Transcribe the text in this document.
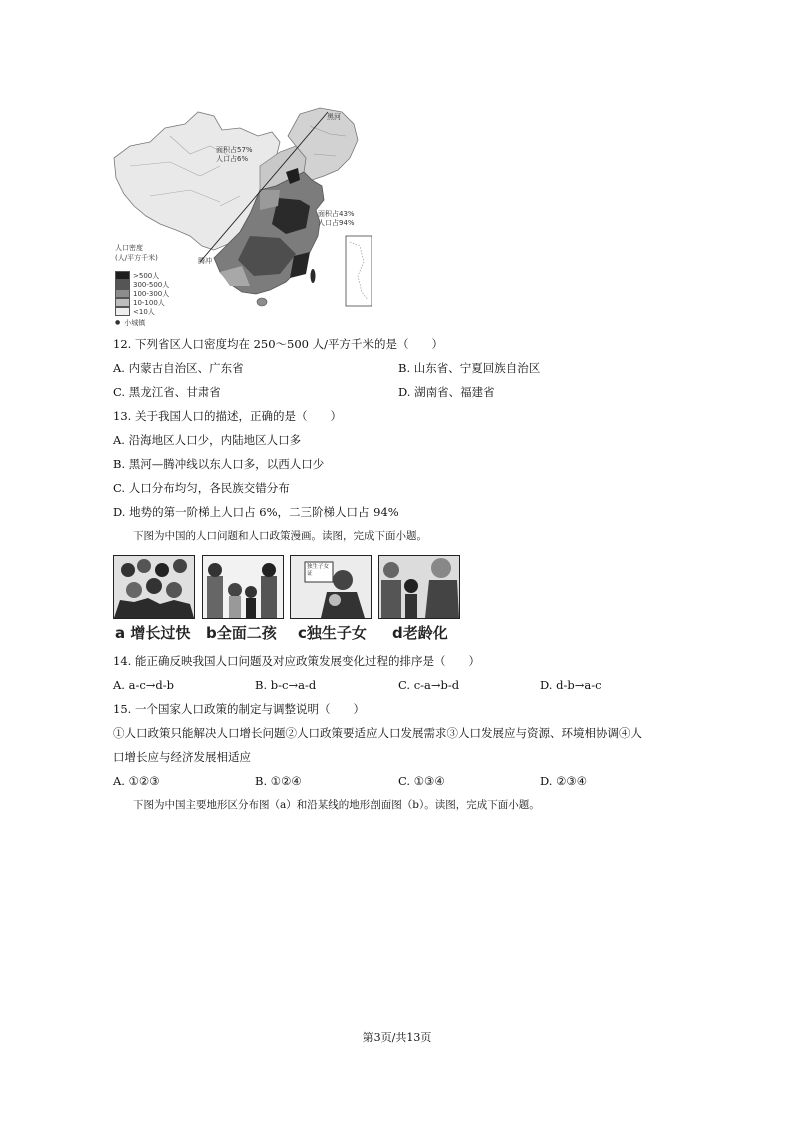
黑河
面积占57%
人口占6%
面积占43%
人口占94%
腾冲
人口密度
(人/平方千米)
>500人
300-500人
100-300人
10-100人
<10人
● 小城镇
12. 下列省区人口密度均在 250～500 人/平方千米的是（　　）
A. 内蒙古自治区、广东省	B. 山东省、宁夏回族自治区
C. 黑龙江省、甘肃省	D. 湖南省、福建省
13. 关于我国人口的描述，正确的是（　　）
A. 沿海地区人口少，内陆地区人口多
B. 黑河—腾冲线以东人口多，以西人口少
C. 人口分布均匀，各民族交错分布
D. 地势的第一阶梯上人口占 6%，二三阶梯人口占 94%
下图为中国的人口问题和人口政策漫画。读图，完成下面小题。
独生子女证
a 增长过快 b全面二孩 c独生子女 d老龄化
14. 能正确反映我国人口问题及对应政策发展变化过程的排序是（　　）
A. a-c→d-b	B. b-c→a-d	C. c-a→b-d	D. d-b→a-c
15. 一个国家人口政策的制定与调整说明（　　）
①人口政策只能解决人口增长问题②人口政策要适应人口发展需求③人口发展应与资源、环境相协调④人
口增长应与经济发展相适应
A. ①②③	B. ①②④	C. ①③④	D. ②③④
下图为中国主要地形区分布图（a）和沿某线的地形剖面图（b）。读图，完成下面小题。
第3页/共13页
